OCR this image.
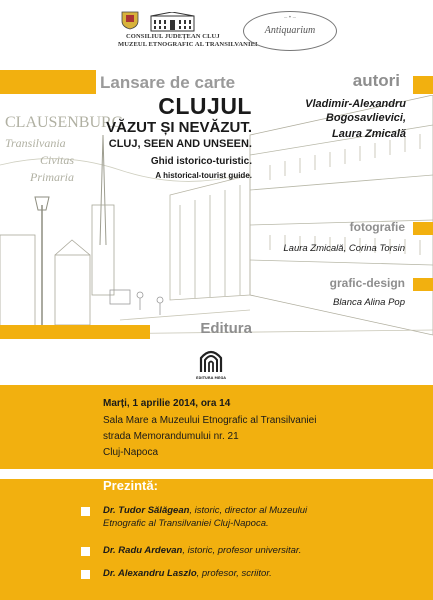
CONSILIUL JUDEȚEAN CLUJ
MUZEUL ETNOGRAFIC AL TRANSILVANIEI
— ✦ —
Antiquarium
CLAUSENBURG
Transilvania
Civitas
Primaria
Lansare de carte
CLUJUL
VĂZUT ȘI NEVĂZUT.
CLUJ, SEEN AND UNSEEN.
Ghid istorico-turistic.
A historical-tourist guide.
autori
Vladimir-Alexandru
Bogosavlievici,
Laura Zmicală
fotografie
Laura Zmicală, Corina Torsin
grafic-design
Blanca Alina Pop
Editura
EDITURA MEGA
Marți, 1 aprilie 2014, ora 14
Sala Mare a Muzeului Etnografic al Transilvaniei
strada Memorandumului nr. 21
Cluj-Napoca
Prezintă:
Dr. Tudor Sălăgean, istoric, director al Muzeului
Etnografic al Transilvaniei Cluj-Napoca.
Dr. Radu Ardevan, istoric, profesor universitar.
Dr. Alexandru Laszlo, profesor, scriitor.
